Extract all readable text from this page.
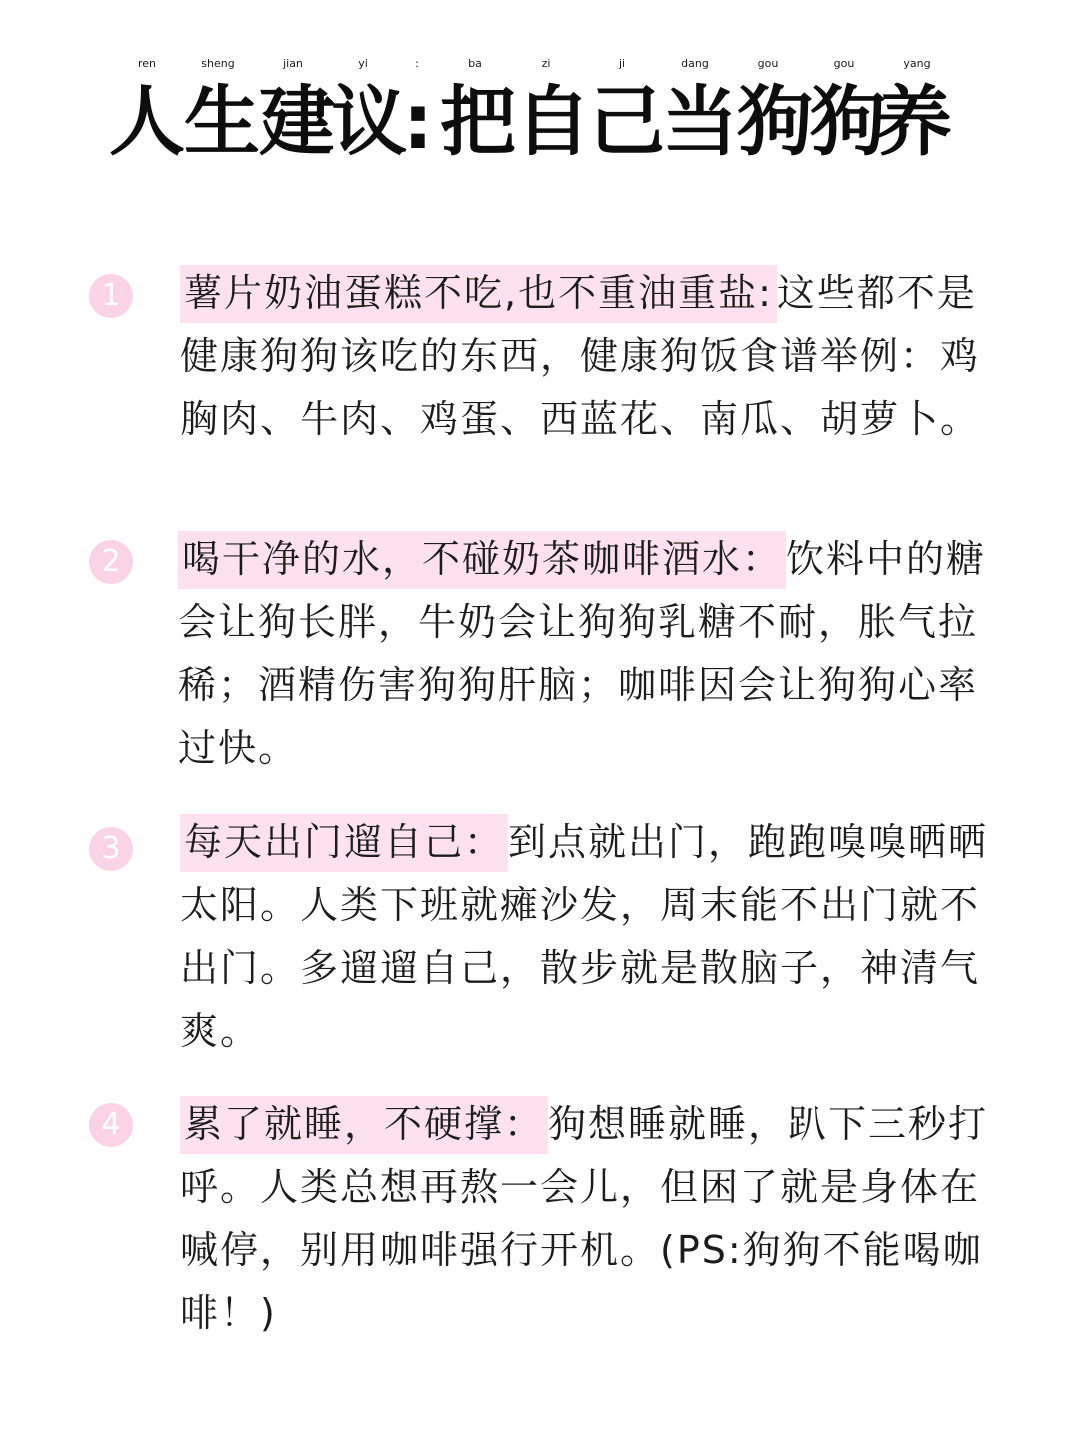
ren	sheng	jian	yi	:	ba	zi	ji	dang	gou	gou	yang
人 生 建
议
: 把 自
己
当 狗
狗
养
1	薯片奶油蛋糕不吃,也不重油重盐: 这些都不是健康狗狗该吃的东西，健康狗饭食谱举例：鸡胸肉、牛肉、鸡蛋、西蓝花、南瓜、胡萝卜。
2	喝干净的水，不碰奶茶咖啡酒水： 饮料中的糖会让狗长胖，牛奶会让狗狗乳糖不耐，胀气拉稀；酒精伤害狗狗肝脑；咖啡因会让狗狗心率过快。
3	每天出门遛自己： 到点就出门，跑跑嗅嗅晒晒太阳。人类下班就瘫沙发，周末能不出门就不出门。多遛遛自己，散步就是散脑子，神清气爽。
4	累了就睡，不硬撑： 狗想睡就睡，趴下三秒打呼。人类总想再熬一会儿，但困了就是身体在喊停，别用咖啡强行开机。(PS:狗狗不能喝咖啡！)
